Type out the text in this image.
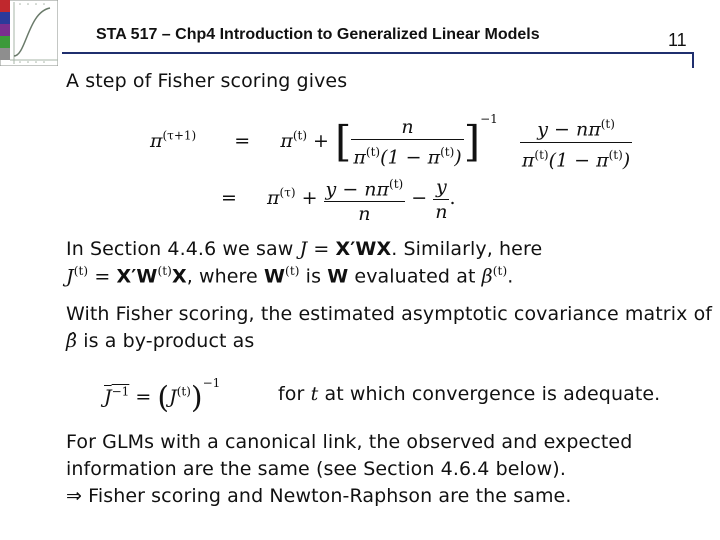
STA 517 – Chp4 Introduction to Generalized Linear Models	11
A step of Fisher scoring gives
$\pi^{(\tau+1)} = \pi^{(t)}$ + [ $\frac{n}{\pi^{(t)}(1 - \pi^{(t)})} ]^{-1} \frac{y - n\pi^{(t)}}{\pi^{(t)}(1 - \pi^{(t)})}$
= $\pi^{(\tau)} + \frac{y - n\pi^{(t)}}{n} - \frac{y}{n}$ .
In Section 4.4.6 we saw J = X′WX. Similarly, here
$J^{(t)} = X'W^{(t)}X$, where $W^{(t)}$ is W evaluated at $\beta^{(t)}$.
With Fisher scoring, the estimated asymptotic covariance matrix of
β̂ is a by-product as
$J^{-1} = (J^{(t)})^{-1}$	for t at which convergence is adequate.
For GLMs with a canonical link, the observed and expected
information are the same (see Section 4.6.4 below).
⇒ Fisher scoring and Newton-Raphson are the same.
